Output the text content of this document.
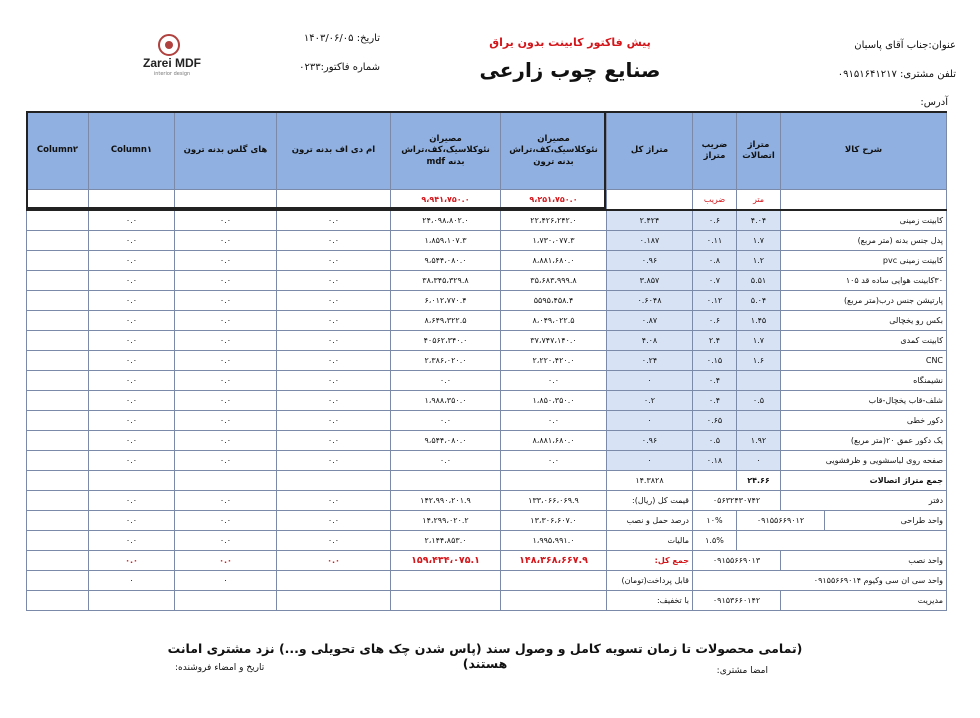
Zarei MDF
interior design
تاریخ: ۱۴۰۳/۰۶/۰۵
شماره فاکتور:۰۲۳۳
پیش فاکتور کابینت بدون یراق
صنایع چوب زارعی
عنوان:جناب آقای پاسبان
تلفن مشتری: ۰۹۱۵۱۶۴۱۲۱۷
آدرس:
Column۲	Column۱	های گلس بدنه ترون	ام دی اف بدنه ترون	مصیران نئوکلاسیک،کف،تراش بدنه mdf	مصیران نئوکلاسیک،کف،تراش بدنه ترون	متراژ کل	ضریب متراژ	متراژ اتصالات	شرح کالا	
				۹،۹۴۱،۷۵۰.۰	۹،۲۵۱،۷۵۰.۰		ضریب	متر		
	۰.۰	۰.۰	۰.۰	۲۴،۰۹۸،۸۰۲.۰	۲۲،۴۲۶،۲۴۲.۰	۲.۴۲۴	۰.۶	۴.۰۴	کابینت زمینی	
	۰.۰	۰.۰	۰.۰	۱،۸۵۹،۱۰۷.۳	۱،۷۳۰،۰۷۷.۳	۰.۱۸۷	۰.۱۱	۱.۷	پدل جنس بدنه (متر مربع)	
	۰.۰	۰.۰	۰.۰	۹،۵۴۴،۰۸۰.۰	۸،۸۸۱،۶۸۰.۰	۰.۹۶	۰.۸	۱.۲	کابینت زمینی pvc	
	۰.۰	۰.۰	۰.۰	۳۸،۳۴۵،۳۲۹.۸	۳۵،۶۸۳،۹۹۹.۸	۳.۸۵۷	۰.۷	۵.۵۱	۳۰کابینت هوایی ساده قد ۱۰۵	
	۰.۰	۰.۰	۰.۰	۶،۰۱۲،۷۷۰.۴	۵۵۹۵،۴۵۸.۴	۰.۶۰۴۸	۰.۱۲	۵.۰۴	پارتیشن جنس درب(متر مربع)	
	۰.۰	۰.۰	۰.۰	۸،۶۴۹،۳۲۲.۵	۸،۰۴۹،۰۲۲.۵	۰.۸۷	۰.۶	۱.۴۵	بکس رو یخچالی	
	۰.۰	۰.۰	۰.۰	۴۰۵۶۲،۳۴۰.۰	۳۷،۷۴۷،۱۴۰.۰	۴.۰۸	۲.۴	۱.۷	کابینت کمدی	
	۰.۰	۰.۰	۰.۰	۲،۳۸۶،۰۲۰.۰	۲،۲۲۰،۴۲۰.۰	۰.۲۴	۰.۱۵	۱.۶	CNC	
	۰.۰	۰.۰	۰.۰	۰.۰	۰.۰	۰	۰.۴		نشیمنگاه	
	۰.۰	۰.۰	۰.۰	۱،۹۸۸،۳۵۰.۰	۱،۸۵۰،۳۵۰.۰	۰.۲	۰.۴	۰.۵	شلف-قاب یخچال-قاب	
	۰.۰	۰.۰	۰.۰	۰.۰	۰.۰	۰	۰.۶۵		دکور خطی	
	۰.۰	۰.۰	۰.۰	۹،۵۴۴،۰۸۰.۰	۸،۸۸۱،۶۸۰.۰	۰.۹۶	۰.۵	۱.۹۲	یک دکور عمق ۲۰(متر مربع)	
	۰.۰	۰.۰	۰.۰	۰.۰	۰.۰	۰	۰.۱۸	۰	صفحه روی لباسشویی و ظرفشویی	
						۱۴.۳۸۲۸		۲۴.۶۶	جمع متراژ اتصالات	
	۰.۰	۰.۰	۰.۰	۱۴۲،۹۹۰،۲۰۱.۹	۱۳۳،۰۶۶،۰۶۹.۹	قیمت کل (ریال):	۰۵۶۳۲۴۳۰۷۴۲		دفتر	
	۰.۰	۰.۰	۰.۰	۱۴،۲۹۹،۰۲۰.۲	۱۳،۳۰۶،۶۰۷.۰	درصد حمل و نصب	۱۰%	۰۹۱۵۵۶۶۹۰۱۲		واحد طراحی
	۰.۰	۰.۰	۰.۰	۲،۱۴۴،۸۵۳.۰	۱،۹۹۵،۹۹۱.۰	مالیات	۱.۵%			
	۰.۰	۰.۰	۰.۰	۱۵۹،۴۳۴،۰۷۵.۱	۱۴۸،۳۶۸،۶۶۷.۹	جمع کل:	۰۹۱۵۵۶۶۹۰۱۳		واحد نصب	
	۰	۰				قابل پرداخت(تومان)	واحد سی ان سی وکیوم ۰۹۱۵۵۶۶۹۰۱۴			
						با تخفیف:	۰۹۱۵۳۶۶۰۱۴۲		مدیریت	
(تمامی محصولات تا زمان تسویه کامل و وصول سند (پاس شدن چک های تحویلی و...) نزد مشتری امانت هستند)
تاریخ و امضاء فروشنده:	امضا مشتری:
